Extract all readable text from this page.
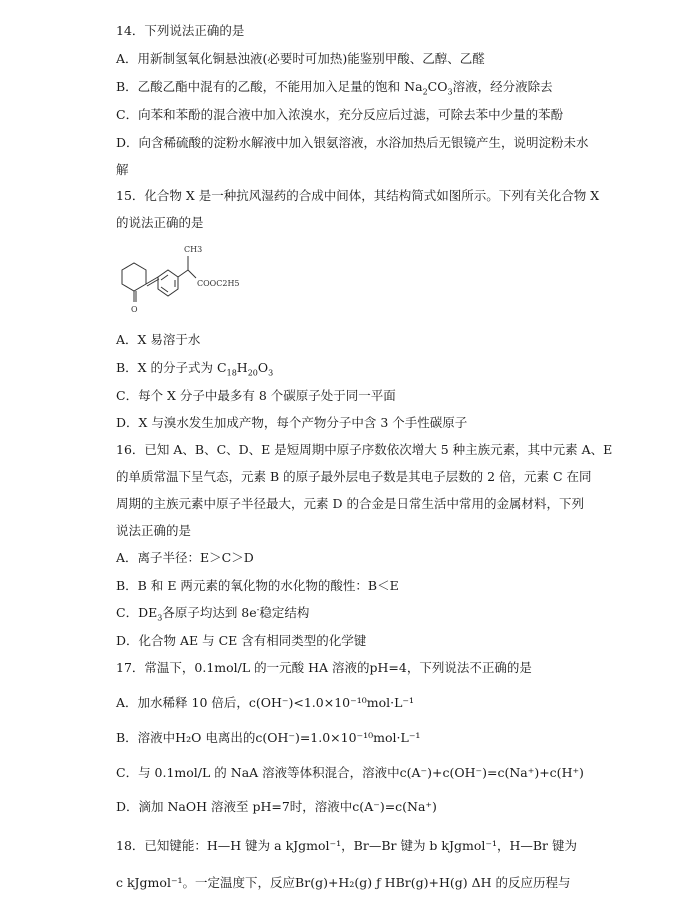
14．下列说法正确的是
A．用新制氢氧化铜悬浊液(必要时可加热)能鉴别甲酸、乙醇、乙醛
B．乙酸乙酯中混有的乙酸，不能用加入足量的饱和 $Na_2CO_3$溶液，经分液除去
C．向苯和苯酚的混合液中加入浓溴水，充分反应后过滤，可除去苯中少量的苯酚
D．向含稀硫酸的淀粉水解液中加入银氨溶液，水浴加热后无银镜产生，说明淀粉未水
解
15．化合物 X 是一种抗风湿药的合成中间体，其结构简式如图所示。下列有关化合物 X
的说法正确的是
CH3
COOC2H5
O
A．X 易溶于水
B．X 的分子式为 $C_{18}H_{20}O_3$
C．每个 X 分子中最多有 8 个碳原子处于同一平面
D．X 与溴水发生加成产物，每个产物分子中含 3 个手性碳原子
16．已知 A、B、C、D、E 是短周期中原子序数依次增大 5 种主族元素，其中元素 A、E
的单质常温下呈气态，元素 B 的原子最外层电子数是其电子层数的 2 倍，元素 C 在同
周期的主族元素中原子半径最大，元素 D 的合金是日常生活中常用的金属材料，下列
说法正确的是
A．离子半径：E＞C＞D
B．B 和 E 两元素的氧化物的水化物的酸性：B＜E
C．$DE_3$各原子均达到 8e-稳定结构
D．化合物 AE 与 CE 含有相同类型的化学键
17．常温下，0.1mol/L 的一元酸 HA 溶液的pH=4，下列说法不正确的是
A．加水稀释 10 倍后，c(OH⁻)<1.0×10⁻¹⁰mol·L⁻¹
B．溶液中H₂O 电离出的c(OH⁻)=1.0×10⁻¹⁰mol·L⁻¹
C．与 0.1mol/L 的 NaA 溶液等体积混合，溶液中c(A⁻)+c(OH⁻)=c(Na⁺)+c(H⁺)
D．滴加 NaOH 溶液至 pH=7时，溶液中c(A⁻)=c(Na⁺)
18．已知键能：H—H 键为 a kJgmol⁻¹，Br—Br 键为 b kJgmol⁻¹，H—Br 键为
c kJgmol⁻¹。一定温度下，反应Br(g)+H₂(g) ƒ HBr(g)+H(g) ΔH 的反应历程与
